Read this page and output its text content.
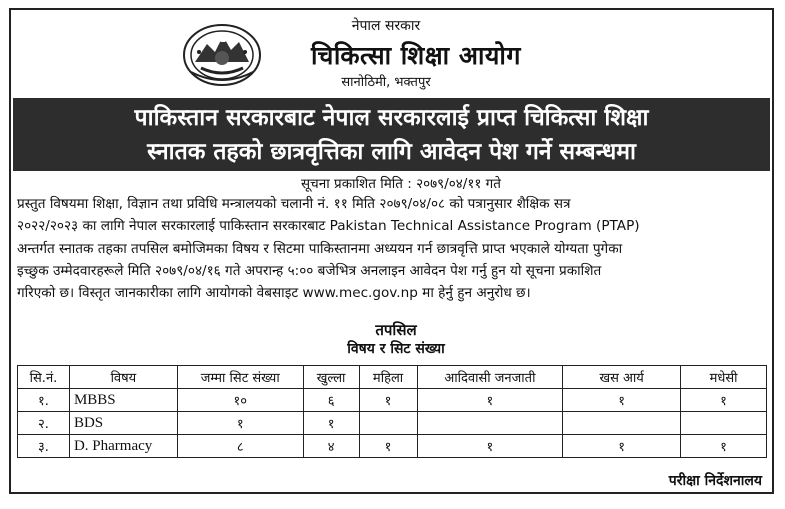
नेपाल सरकार
चिकित्सा शिक्षा आयोग
सानोठिमी, भक्तपुर
पाकिस्तान सरकारबाट नेपाल सरकारलाई प्राप्त चिकित्सा शिक्षा
स्नातक तहको छात्रवृत्तिका लागि आवेदन पेश गर्ने सम्बन्धमा
सूचना प्रकाशित मिति : २०७९/०४/११ गते
प्रस्तुत विषयमा शिक्षा, विज्ञान तथा प्रविधि मन्त्रालयको चलानी नं. ११ मिति २०७९/०४/०८ को पत्रानुसार शैक्षिक सत्र
२०२२/२०२३ का लागि नेपाल सरकारलाई पाकिस्तान सरकारबाट Pakistan Technical Assistance Program (PTAP)
अन्तर्गत स्नातक तहका तपसिल बमोजिमका विषय र सिटमा पाकिस्तानमा अध्ययन गर्न छात्रवृत्ति प्राप्त भएकाले योग्यता पुगेका
इच्छुक उम्मेदवारहरूले मिति २०७९/०४/१६ गते अपरान्ह ५:०० बजेभित्र अनलाइन आवेदन पेश गर्नु हुन यो सूचना प्रकाशित
गरिएको छ। विस्तृत जानकारीका लागि आयोगको वेबसाइट www.mec.gov.np मा हेर्नु हुन अनुरोध छ।
तपसिल
विषय र सिट संख्या
सि.नं.	विषय	जम्मा सिट संख्या	खुल्ला	महिला	आदिवासी जनजाती	खस आर्य	मधेसी
१.	MBBS	१०	६	१	१	१	१
२.	BDS	१	१				
३.	D. Pharmacy	८	४	१	१	१	१
परीक्षा निर्देशनालय
